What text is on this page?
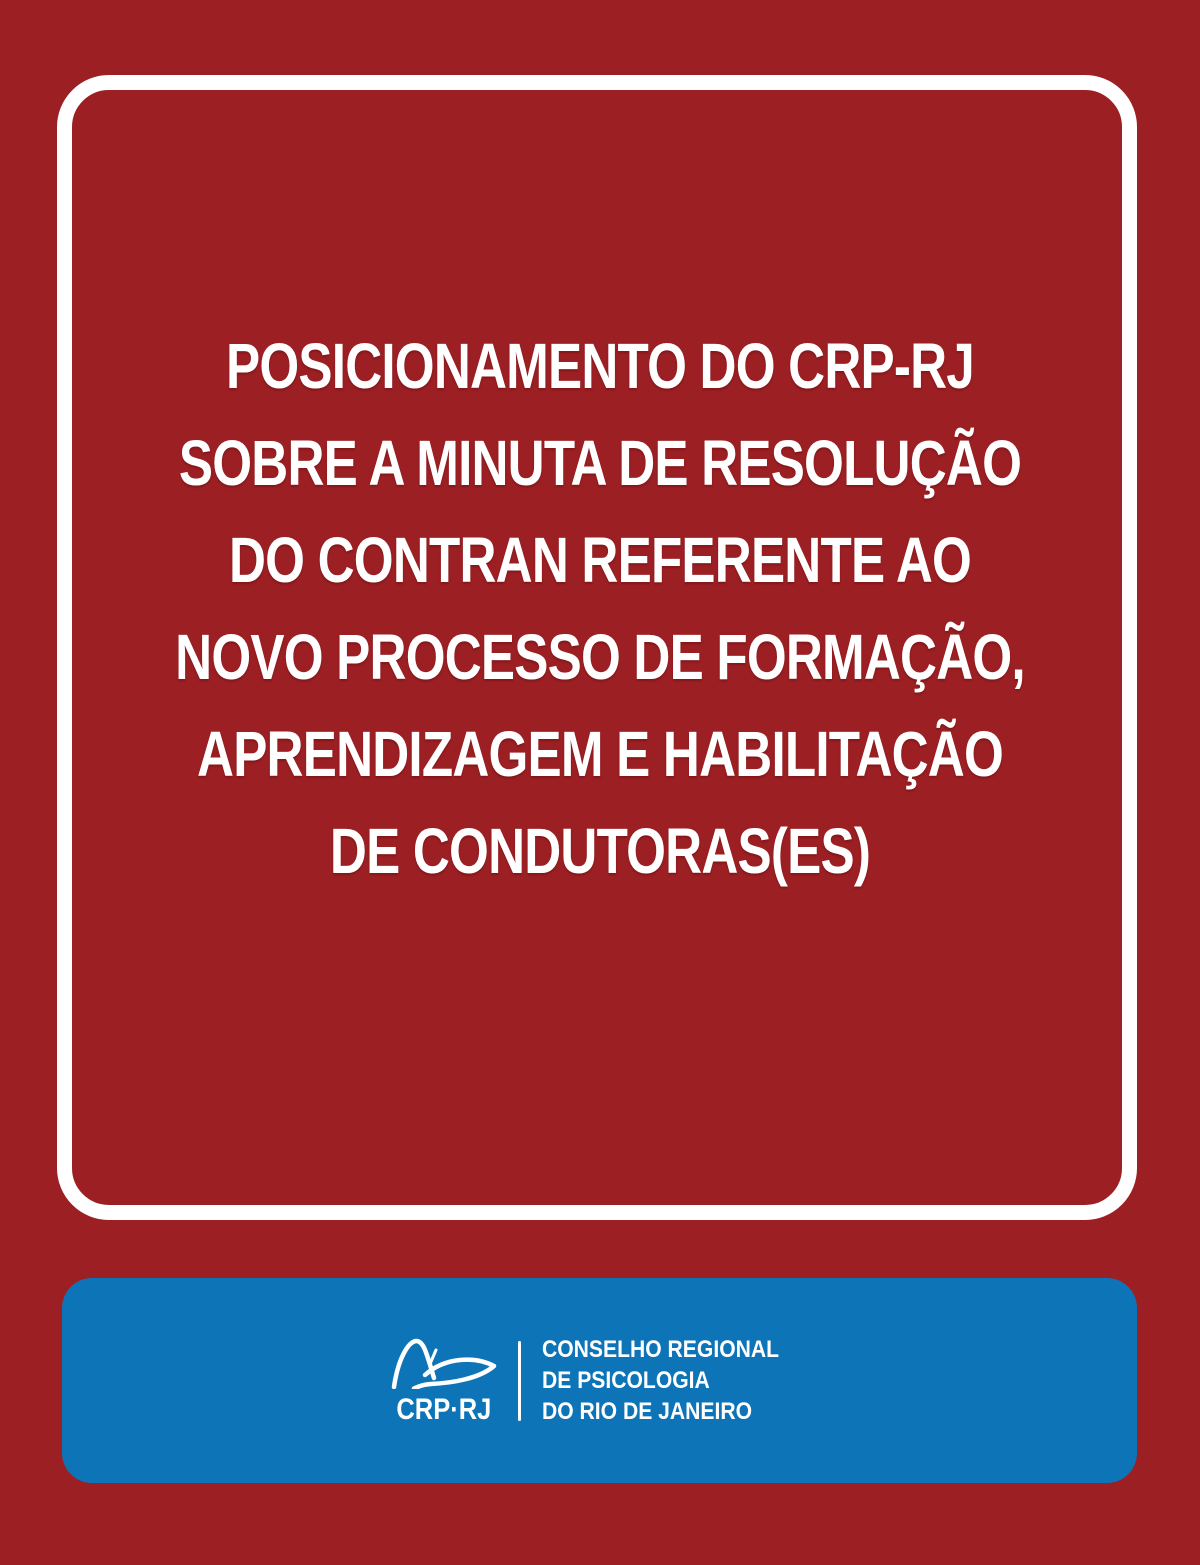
POSICIONAMENTO DO CRP-RJ
SOBRE A MINUTA DE RESOLUÇÃO
DO CONTRAN REFERENTE AO
NOVO PROCESSO DE FORMAÇÃO,
APRENDIZAGEM E HABILITAÇÃO
DE CONDUTORAS(ES)
CRP·RJ
CONSELHO REGIONAL
DE PSICOLOGIA
DO RIO DE JANEIRO
